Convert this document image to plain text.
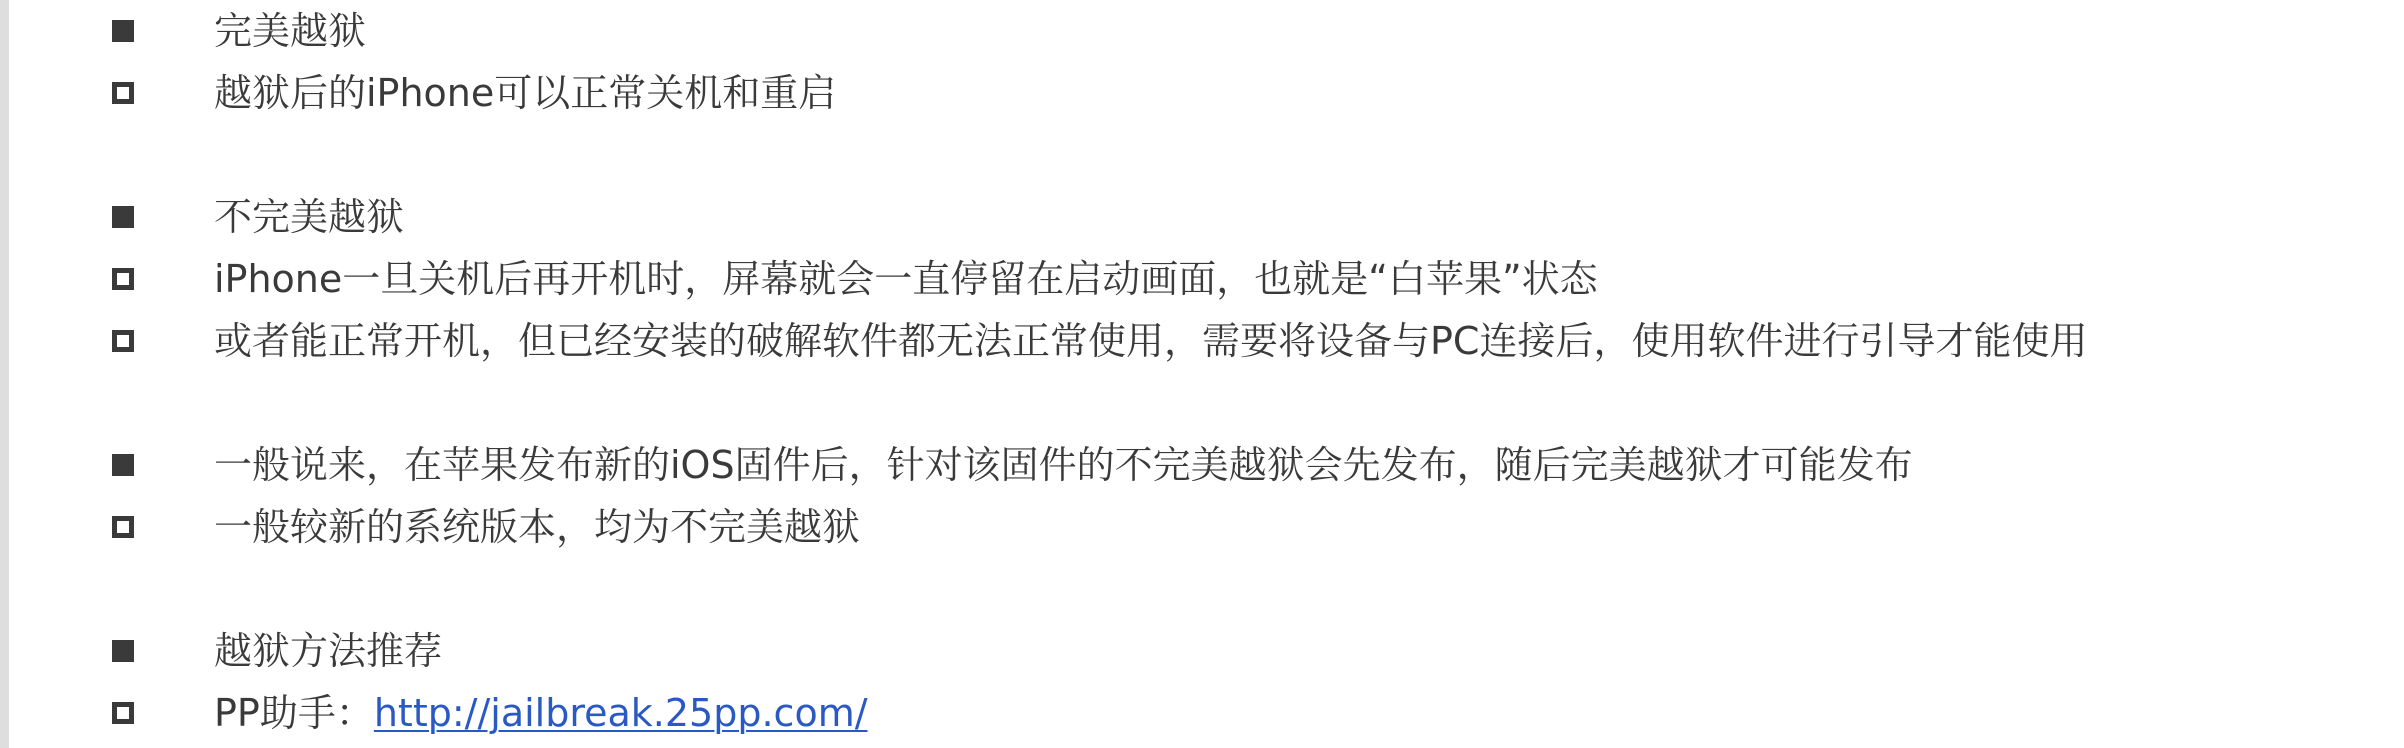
完美越狱
越狱后的iPhone可以正常关机和重启
不完美越狱
iPhone一旦关机后再开机时，屏幕就会一直停留在启动画面，也就是“白苹果”状态
或者能正常开机，但已经安装的破解软件都无法正常使用，需要将设备与PC连接后，使用软件进行引导才能使用
一般说来，在苹果发布新的iOS固件后，针对该固件的不完美越狱会先发布，随后完美越狱才可能发布
一般较新的系统版本，均为不完美越狱
越狱方法推荐
PP助手： http://jailbreak.25pp.com/
